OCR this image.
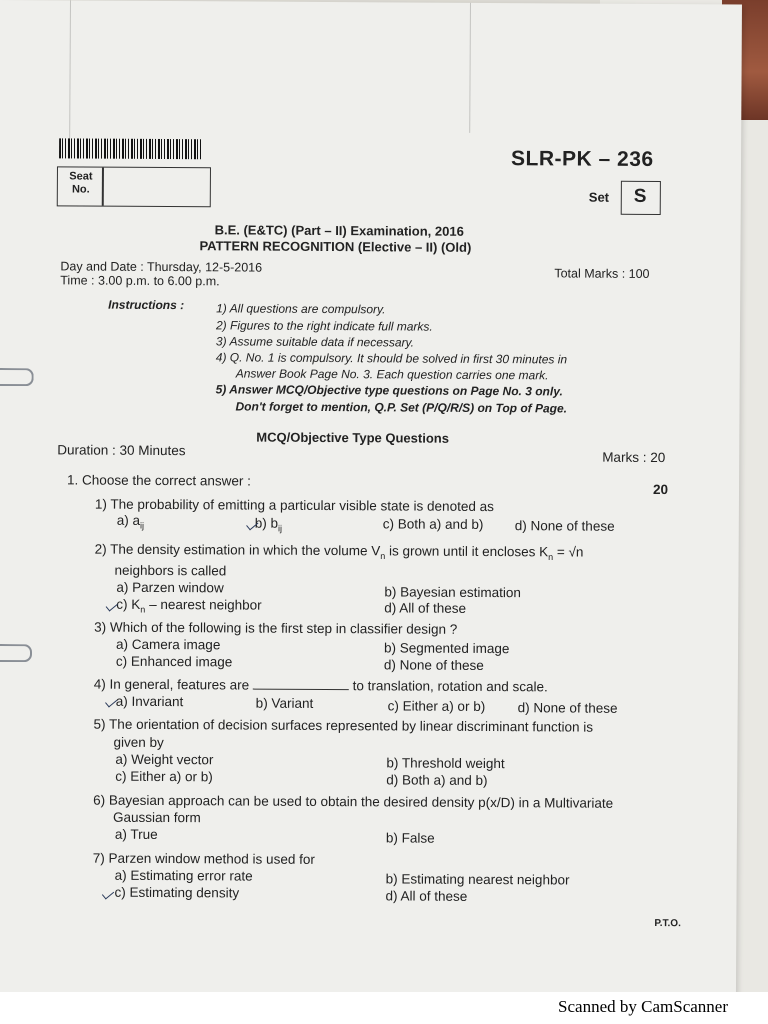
SLR-PK – 236
Seat
No.
Set S
B.E. (E&TC) (Part – II) Examination, 2016
PATTERN RECOGNITION (Elective – II) (Old)
Day and Date : Thursday, 12-5-2016
Time : 3.00 p.m. to 6.00 p.m.	Total Marks : 100
Instructions :	1) All questions are compulsory.
2) Figures to the right indicate full marks.
3) Assume suitable data if necessary.
4) Q. No. 1 is compulsory. It should be solved in first 30 minutes in
Answer Book Page No. 3. Each question carries one mark.
5) Answer MCQ/Objective type questions on Page No. 3 only.
Don't forget to mention, Q.P. Set (P/Q/R/S) on Top of Page.
MCQ/Objective Type Questions
Duration : 30 Minutes	Marks : 20
1. Choose the correct answer :
20
1) The probability of emitting a particular visible state is denoted as
a) $a_{ij}$	b) $b_{ij}$	c) Both a) and b) d) None of these
2) The density estimation in which the volume $V_n$ is grown until it encloses $K_n = √n$
neighbors is called
a) Parzen window	b) Bayesian estimation
c) $K_n$ – nearest neighbor	d) All of these
3) Which of the following is the first step in classifier design ?
a) Camera image	b) Segmented image
c) Enhanced image	d) None of these
4) In general, features are	to translation, rotation and scale.
a) Invariant	b) Variant	c) Either a) or b) d) None of these
5) The orientation of decision surfaces represented by linear discriminant function is
given by
a) Weight vector	b) Threshold weight
c) Either a) or b)	d) Both a) and b)
6) Bayesian approach can be used to obtain the desired density p(x/D) in a Multivariate
Gaussian form
a) True	b) False
7) Parzen window method is used for
a) Estimating error rate	b) Estimating nearest neighbor
c) Estimating density	d) All of these
P.T.O.
Scanned by CamScanner
